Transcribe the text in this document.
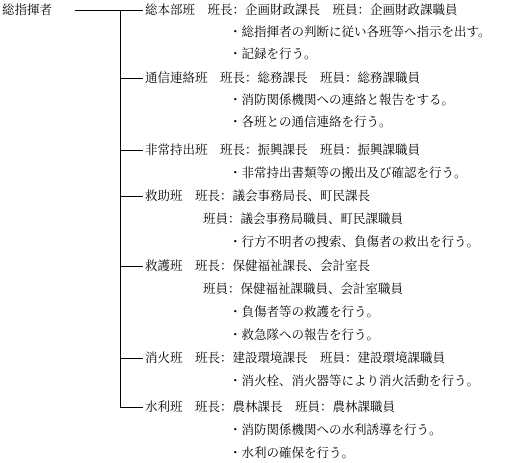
総指揮者	総本部班　班長：企画財政課長　班員：企画財政課職員
・総指揮者の判断に従い各班等へ指示を出す。
・記録を行う。
通信連絡班　班長：総務課長　班員：総務課職員
・消防関係機関への連絡と報告をする。
・各班との通信連絡を行う。
非常持出班　班長：振興課長　班員：振興課職員
・非常持出書類等の搬出及び確認を行う。
救助班　班長：議会事務局長、町民課長
班員：議会事務局職員、町民課職員
・行方不明者の捜索、負傷者の救出を行う。
救護班　班長：保健福祉課長、会計室長
班員：保健福祉課職員、会計室職員
・負傷者等の救護を行う。
・救急隊への報告を行う。
消火班　班長：建設環境課長　班員：建設環境課職員
・消火栓、消火器等により消火活動を行う。
水利班　班長：農林課長　班員：農林課職員
・消防関係機関への水利誘導を行う。
・水利の確保を行う。
